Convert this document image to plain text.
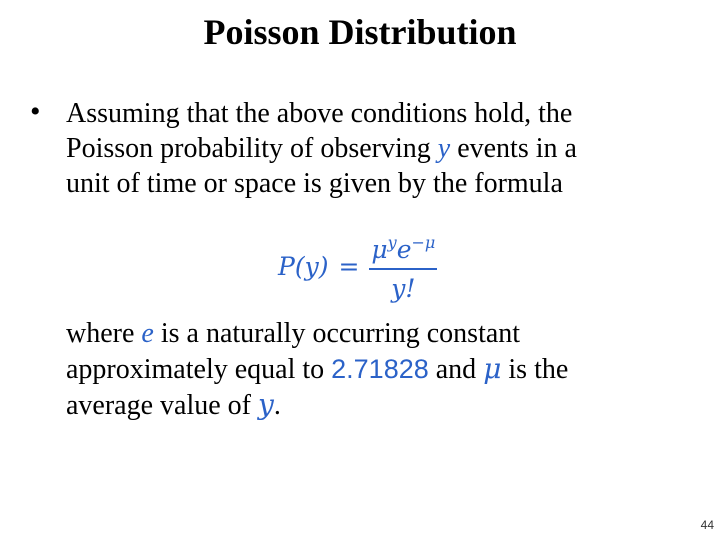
Poisson Distribution
• Assuming that the above conditions hold, the
Poisson probability of observing y events in a
unit of time or space is given by the formula
$P(y) = \frac{\mu^ye^{-\mu}}{y!}$
where e is a naturally occurring constant
approximately equal to 2.71828 and μ is the
average value of y.
44
